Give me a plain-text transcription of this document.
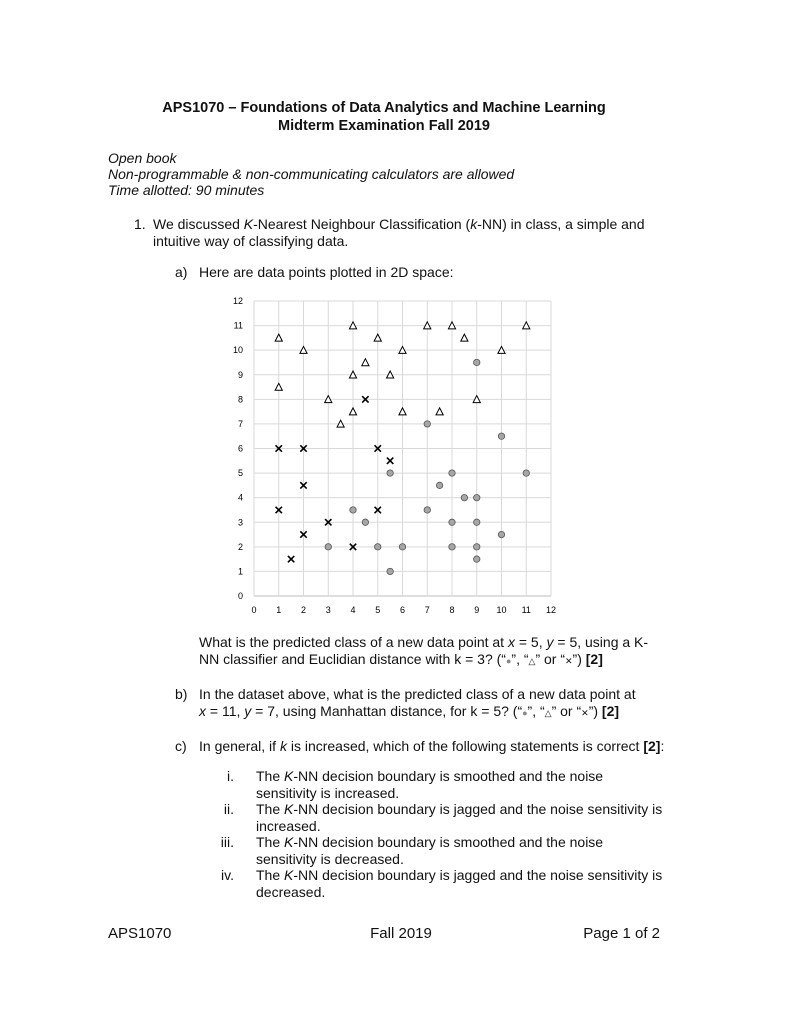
APS1070 – Foundations of Data Analytics and Machine Learning
Midterm Examination Fall 2019
Open book
Non-programmable & non-communicating calculators are allowed
Time allotted: 90 minutes
1. We discussed K-Nearest Neighbour Classification (k-NN) in class, a simple and
intuitive way of classifying data.
a) Here are data points plotted in 2D space:
0
1
2
3
4
5
6
7
8
9
10
11
12
0 1 2 3 4 5 6 7 8 9 10 11 12
What is the predicted class of a new data point at x = 5, y = 5, using a K-
NN classifier and Euclidian distance with k = 3? (“●”, “△” or “✕”) [2]
b) In the dataset above, what is the predicted class of a new data point at
x = 11, y = 7, using Manhattan distance, for k = 5? (“●”, “△” or “✕”) [2]
c) In general, if k is increased, which of the following statements is correct [2]:
i. The K-NN decision boundary is smoothed and the noise
sensitivity is increased.
ii. The K-NN decision boundary is jagged and the noise sensitivity is
increased.
iii. The K-NN decision boundary is smoothed and the noise
sensitivity is decreased.
iv. The K-NN decision boundary is jagged and the noise sensitivity is
decreased.
APS1070	Fall 2019	Page 1 of 2
